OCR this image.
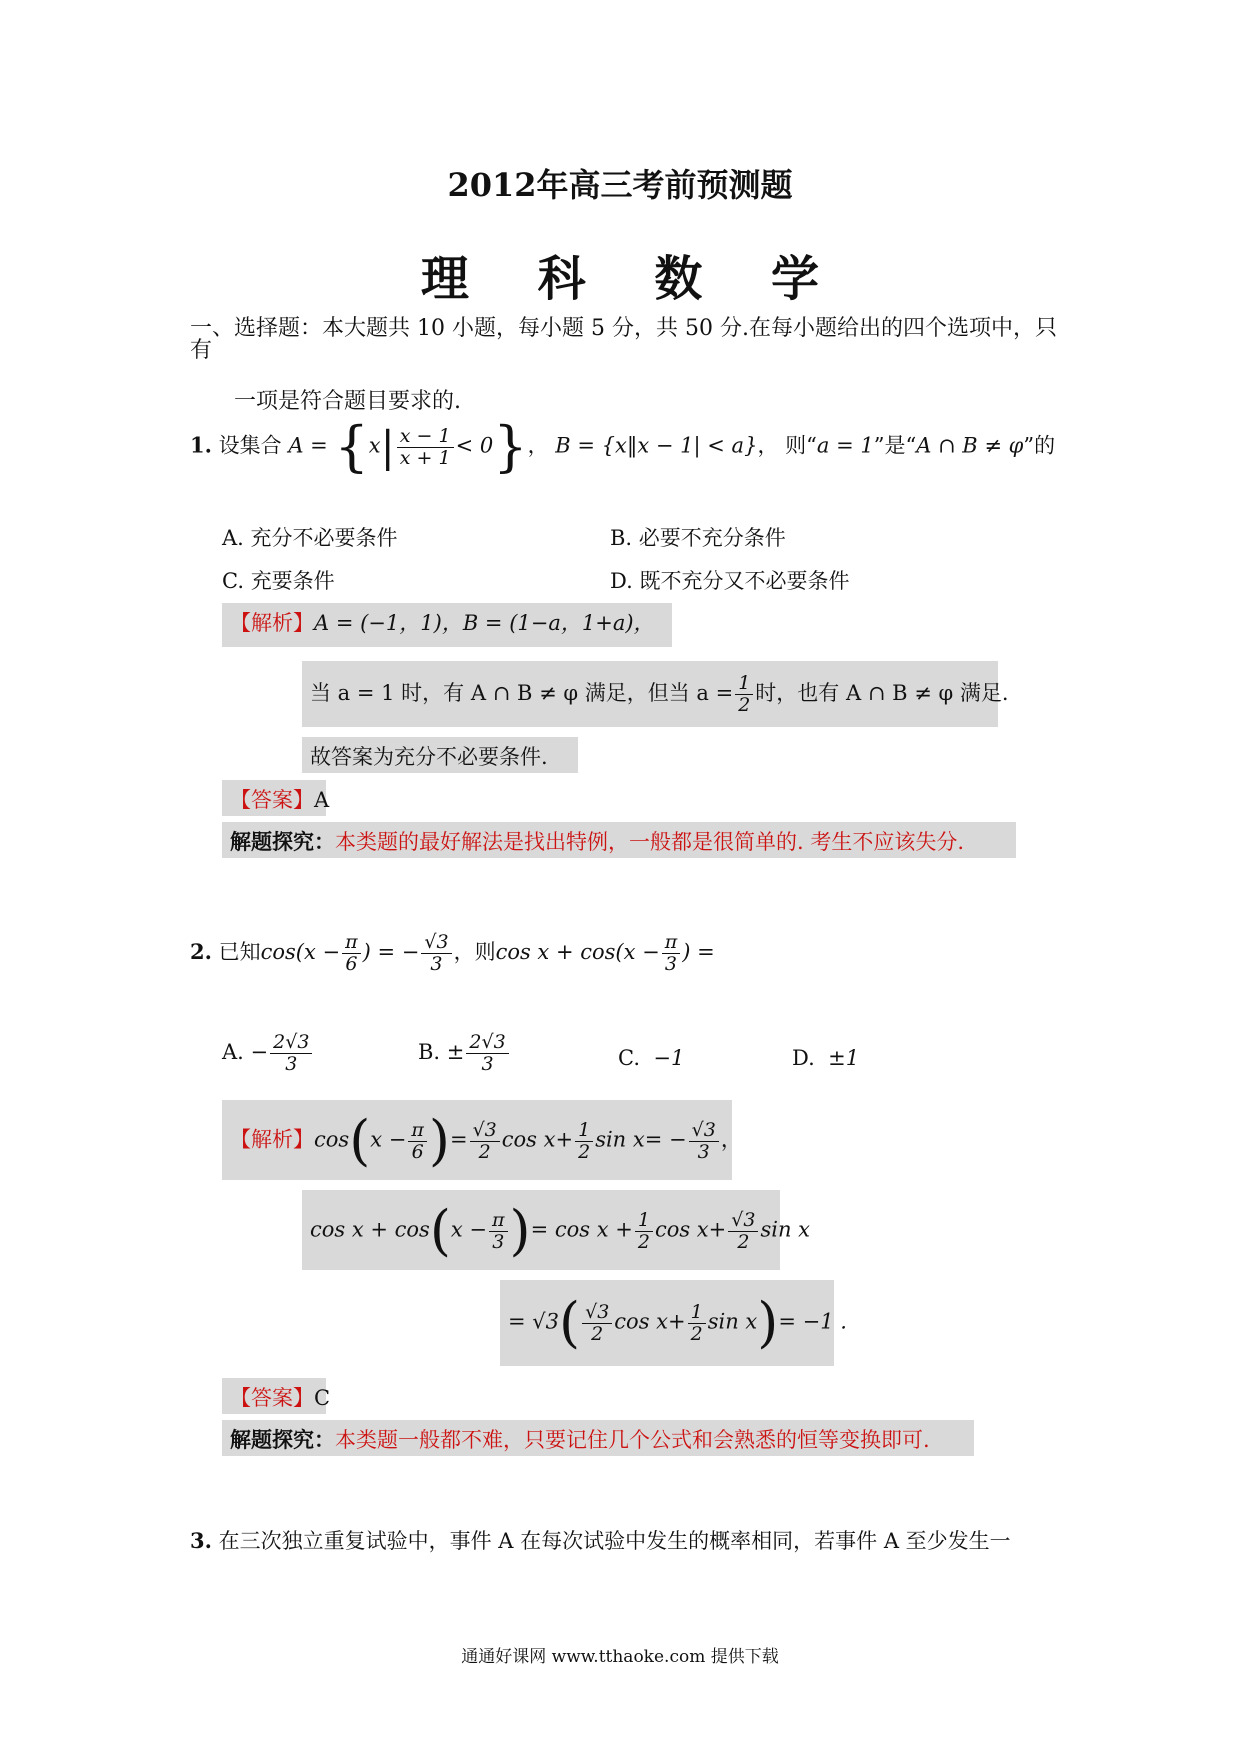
2012年高三考前预测题
理 科 数 学
一、选择题：本大题共 10 小题，每小题 5 分，共 50 分.在每小题给出的四个选项中，只有
一项是符合题目要求的.
1. 设集合 $A = \{x| \frac{x - 1}{x + 1} < 0\}$， B = {x‖x − 1| < a}， 则“a = 1”是“A ∩ B ≠ φ”的
A. 充分不必要条件	B. 必要不充分条件
C. 充要条件	D. 既不充分又不必要条件
【解析】A = (−1，1)，B = (1−a，1+a)，
当 a = 1 时，有 A ∩ B ≠ φ 满足，但当 $a = \frac{1}{2}$ 时，也有 A ∩ B ≠ φ 满足.
故答案为充分不必要条件.
【答案】A
解题探究：本类题的最好解法是找出特例，一般都是很简单的. 考生不应该失分.
2. 已知$\cos(x - \frac{\pi}{6}$ ) = − $\frac{√3}{3}$ ，则$\cos x + \cos(x - \frac{\pi}{3}$ ) =
A. − $\frac{2√3}{3}$	B. ± $\frac{2√3}{3}$	C. −1	D. ±1
【解析】$\cos(x - \frac{\pi}{6}$ )= $\frac{√3}{2}$ $\cos x+ \frac{1}{2}$ $\sin x= - \frac{√3}{3}$ ，
$\cos x + \cos(x - \frac{\pi}{3}$ )= $\cos x + \frac{1}{2}$ $\cos x+ \frac{√3}{2}$ sin x
= $√3( \frac{√3}{2}$ $\cos x+ \frac{1}{2}$ sin x)= −1 .
【答案】C
解题探究：本类题一般都不难，只要记住几个公式和会熟悉的恒等变换即可.
3. 在三次独立重复试验中，事件 A 在每次试验中发生的概率相同，若事件 A 至少发生一
通通好课网 www.tthaoke.com 提供下载
